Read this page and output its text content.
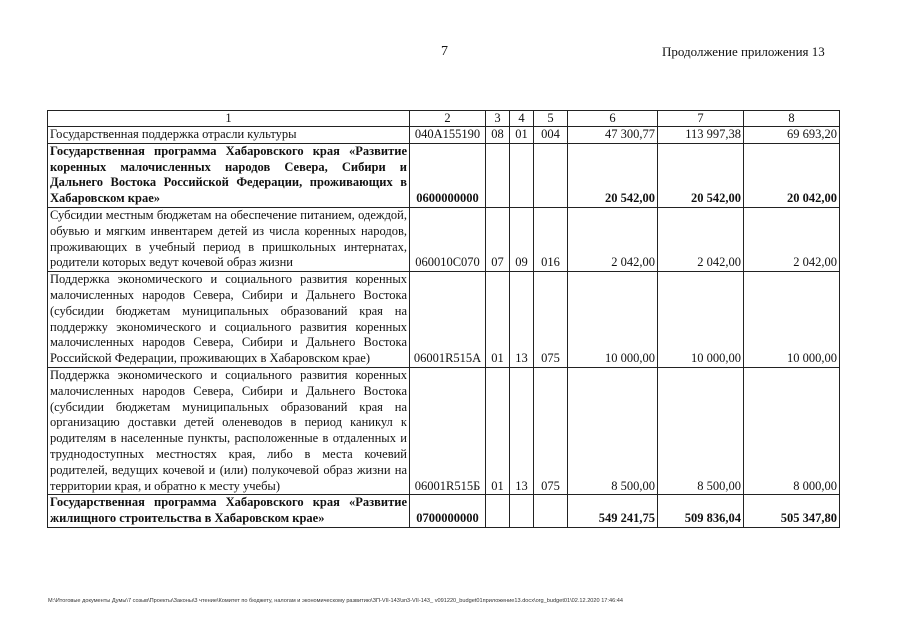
7	Продолжение приложения 13
1	2	3	4	5	6	7	8
Государственная поддержка отрасли культуры	040A155190	08	01	004	47 300,77	113 997,38	69 693,20
Государственная программа Хабаровского края «Развитие коренных малочисленных народов Севера, Сибири и Дальнего Востока Российской Федерации, проживающих в Хабаровском крае»	0600000000				20 542,00	20 542,00	20 042,00
Субсидии местным бюджетам на обеспечение питанием, одеждой, обувью и мягким инвентарем детей из числа коренных народов, проживающих в учебный период в пришкольных интернатах, родители которых ведут кочевой образ жизни	060010С070	07	09	016	2 042,00	2 042,00	2 042,00
Поддержка экономического и социального развития коренных малочисленных народов Севера, Сибири и Дальнего Востока (субсидии бюджетам муниципальных образований края на поддержку экономического и социального развития коренных малочисленных народов Севера, Сибири и Дальнего Востока Российской Федерации, проживающих в Хабаровском крае)	06001R515А	01	13	075	10 000,00	10 000,00	10 000,00
Поддержка экономического и социального развития коренных малочисленных народов Севера, Сибири и Дальнего Востока (субсидии бюджетам муниципальных образований края на организацию доставки детей оленеводов в период каникул к родителям в населенные пункты, расположенные в отдаленных и труднодоступных местностях края, либо в места кочевий родителей, ведущих кочевой и (или) полукочевой образ жизни на территории края, и обратно к месту учебы)	06001R515Б	01	13	075	8 500,00	8 500,00	8 000,00
Государственная программа Хабаровского края «Развитие жилищного строительства в Хабаровском крае»	0700000000				549 241,75	509 836,04	505 347,80
M:\Итоговые документы Думы\7 созыв\Проекты\Законы\3 чтение\Комитет по бюджету, налогам и экономическому развитию\ЗП-VII-143\зп3-VII-143_ v091220_budget01приложение13.docx\org_budget01\02.12.2020 17:46:44
